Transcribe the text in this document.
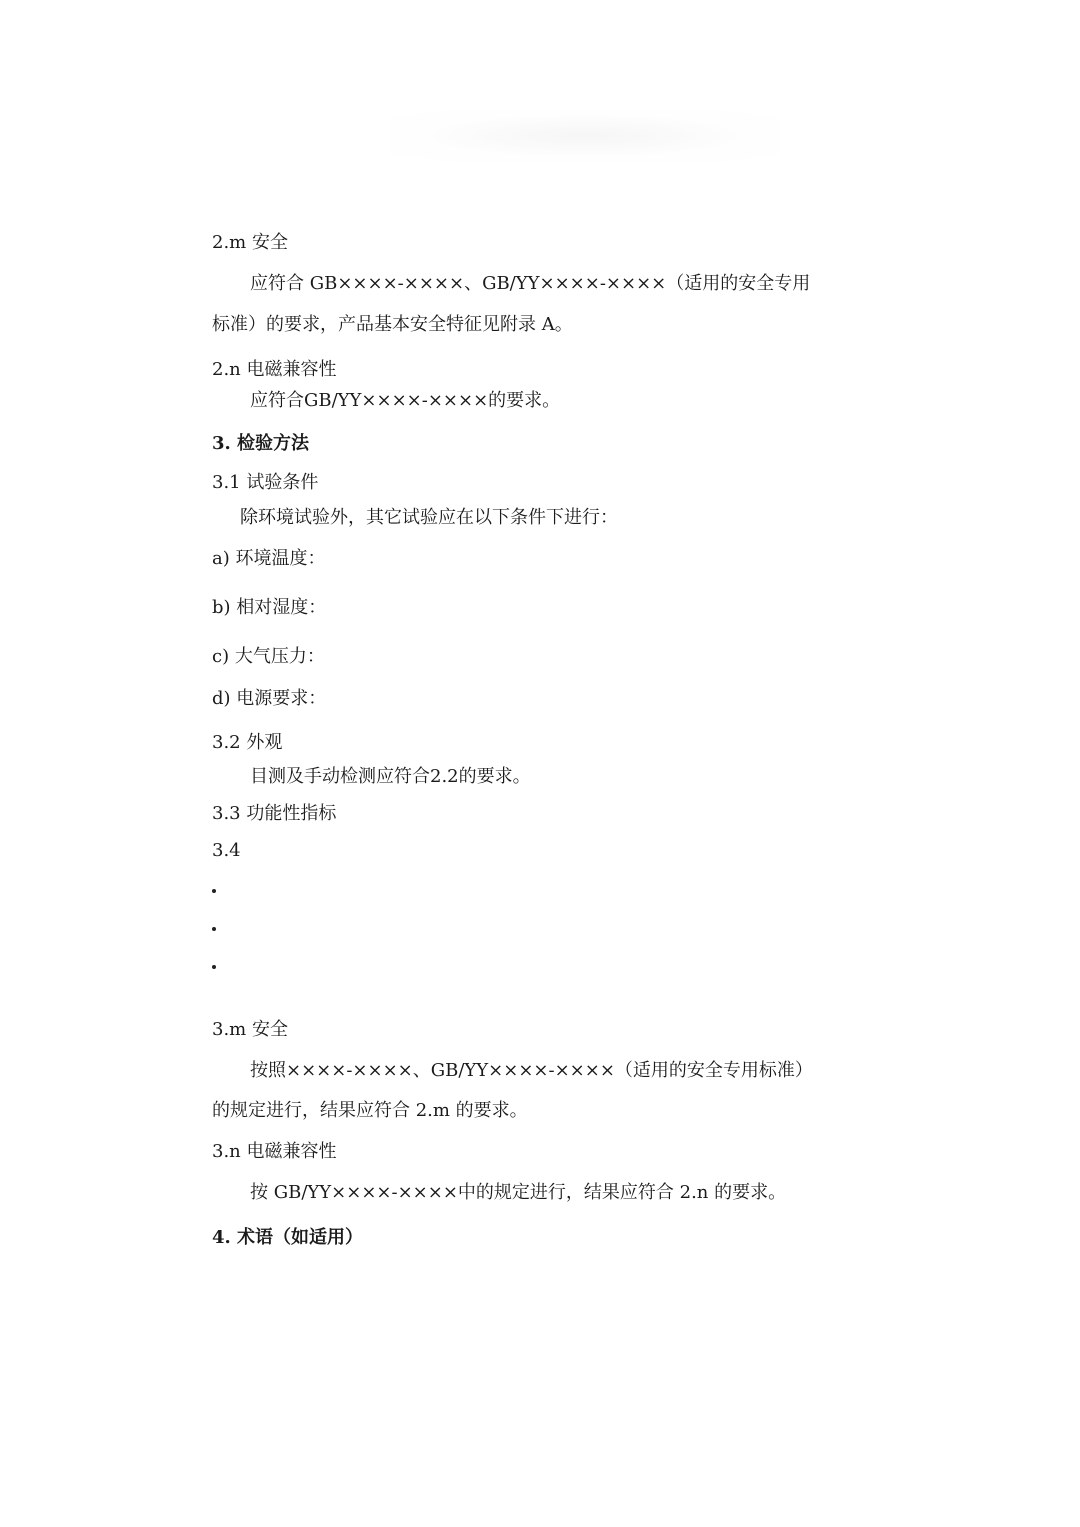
2.m 安全
应符合 GB××××-××××、GB/YY××××-××××（适用的安全专用
标准）的要求，产品基本安全特征见附录 A。
2.n 电磁兼容性
应符合GB/YY××××-××××的要求。
3. 检验方法
3.1 试验条件
除环境试验外，其它试验应在以下条件下进行：
a) 环境温度：
b) 相对湿度：
c) 大气压力：
d) 电源要求：
3.2 外观
目测及手动检测应符合2.2的要求。
3.3 功能性指标
3.4
3.m 安全
按照××××-××××、GB/YY××××-××××（适用的安全专用标准）
的规定进行，结果应符合 2.m 的要求。
3.n 电磁兼容性
按 GB/YY××××-××××中的规定进行，结果应符合 2.n 的要求。
4. 术语（如适用）
